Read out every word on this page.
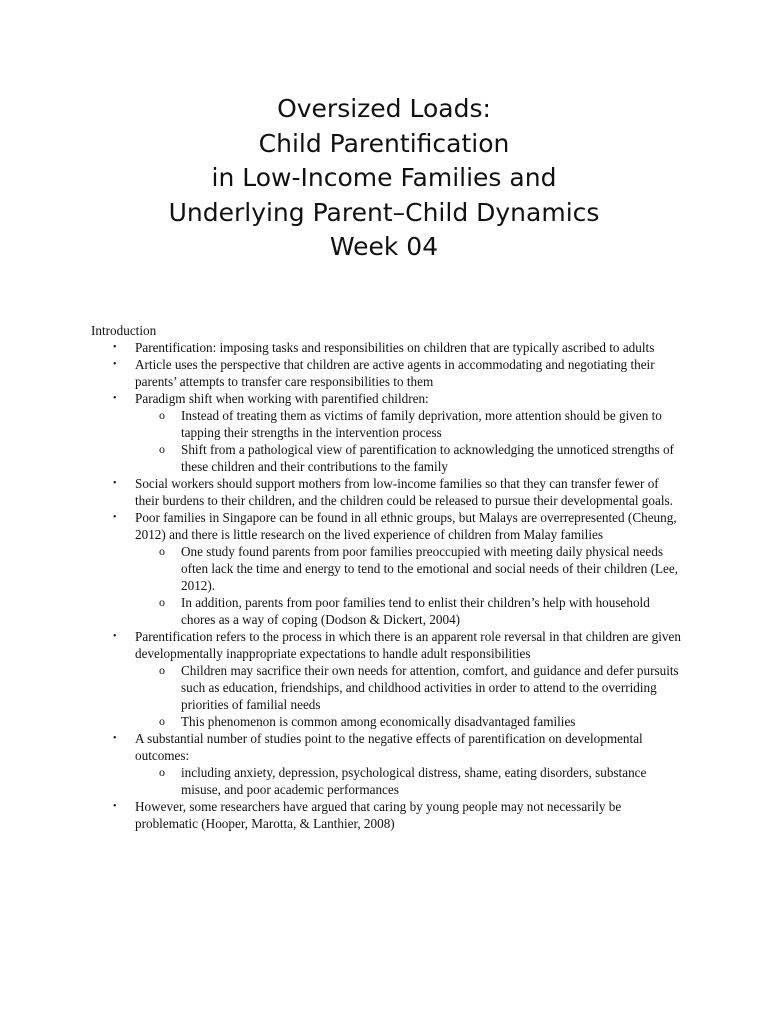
Oversized Loads:
Child Parentification
in Low-Income Families and
Underlying Parent–Child Dynamics
Week 04
Introduction
•	Parentification: imposing tasks and responsibilities on children that are typically ascribed to adults
•	Article uses the perspective that children are active agents in accommodating and negotiating their parents’ attempts to transfer care responsibilities to them
•	Paradigm shift when working with parentified children:
o Instead of treating them as victims of family deprivation, more attention should be given to tapping their strengths in the intervention process
o Shift from a pathological view of parentification to acknowledging the unnoticed strengths of these children and their contributions to the family
•	Social workers should support mothers from low-income families so that they can transfer fewer of their burdens to their children, and the children could be released to pursue their developmental goals.
•	Poor families in Singapore can be found in all ethnic groups, but Malays are overrepresented (Cheung, 2012) and there is little research on the lived experience of children from Malay families
o One study found parents from poor families preoccupied with meeting daily physical needs often lack the time and energy to tend to the emotional and social needs of their children (Lee, 2012).
o In addition, parents from poor families tend to enlist their children’s help with household chores as a way of coping (Dodson & Dickert, 2004)
•	Parentification refers to the process in which there is an apparent role reversal in that children are given developmentally inappropriate expectations to handle adult responsibilities
o Children may sacrifice their own needs for attention, comfort, and guidance and defer pursuits such as education, friendships, and childhood activities in order to attend to the overriding priorities of familial needs
o This phenomenon is common among economically disadvantaged families
•	A substantial number of studies point to the negative effects of parentification on developmental outcomes:
o including anxiety, depression, psychological distress, shame, eating disorders, substance misuse, and poor academic performances
•	However, some researchers have argued that caring by young people may not necessarily be problematic (Hooper, Marotta, & Lanthier, 2008)
